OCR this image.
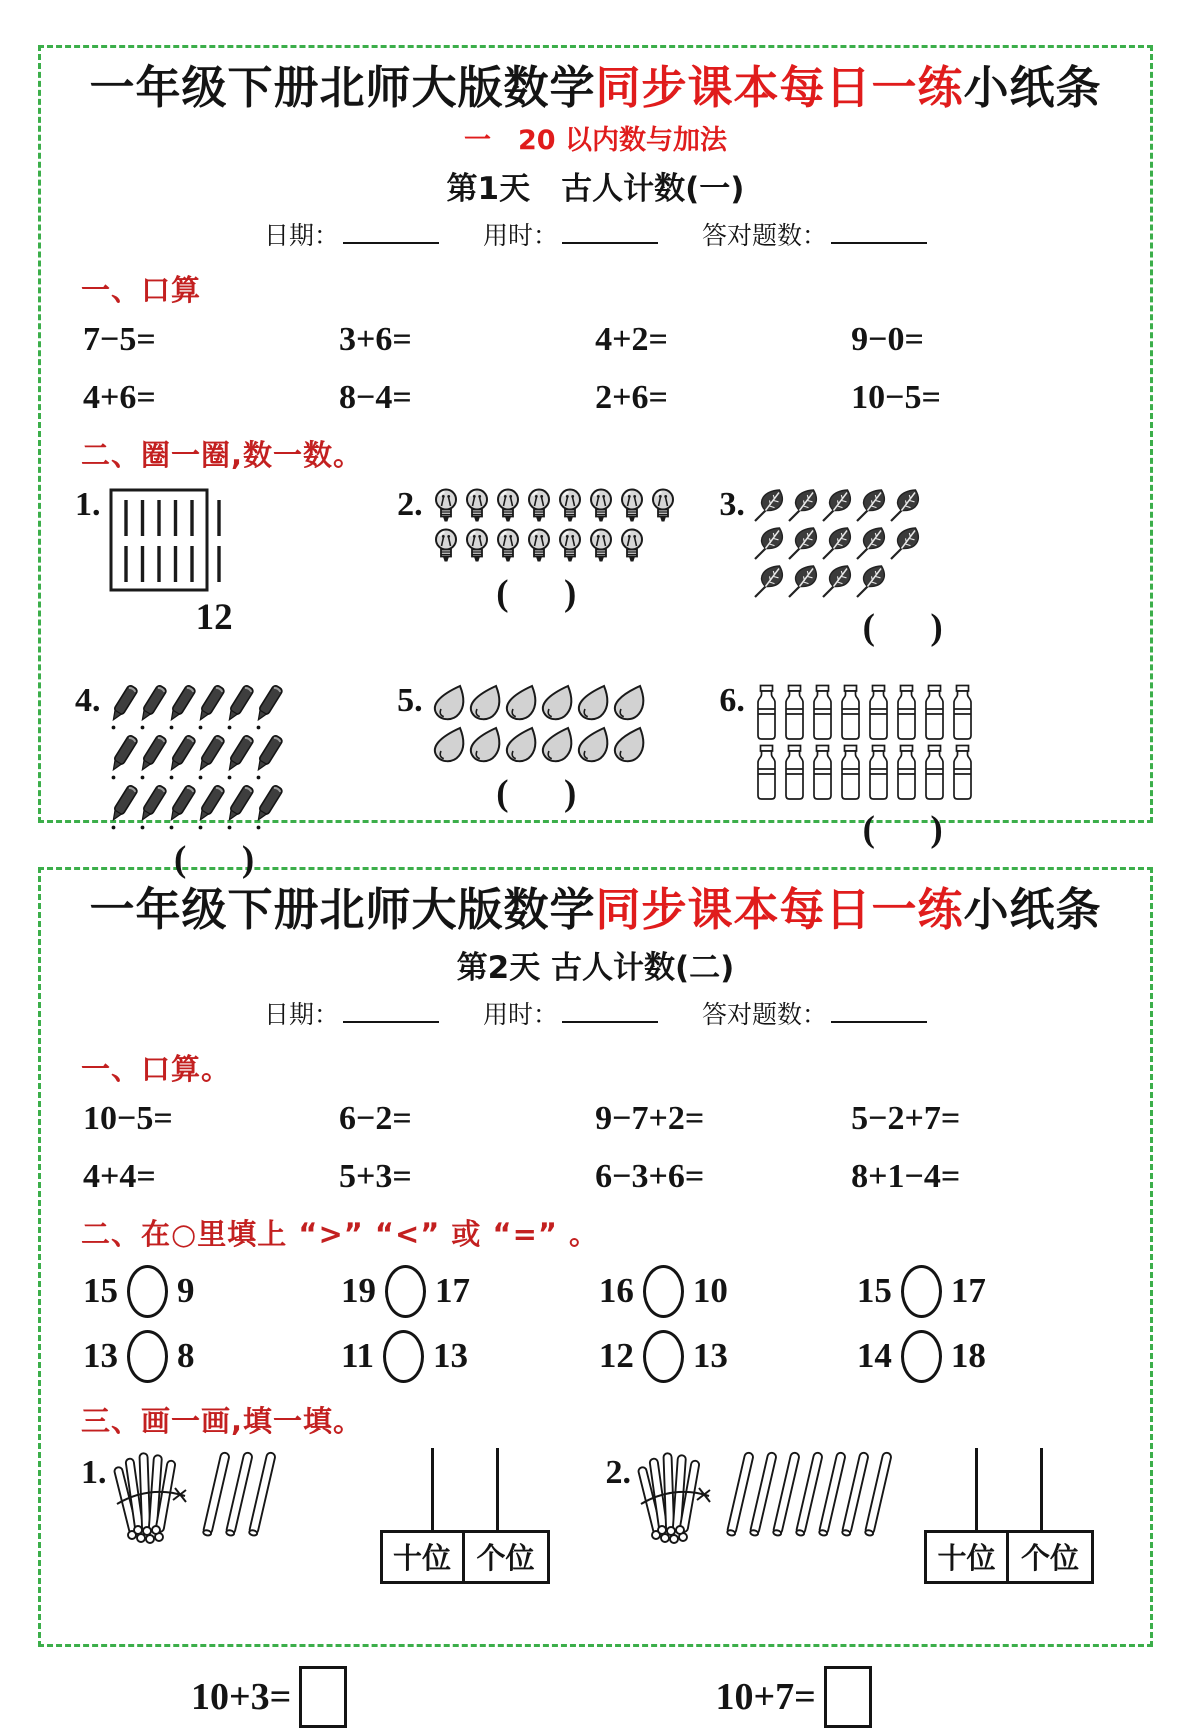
一年级下册北师大版数学同步课本每日一练小纸条
一　20 以内数与加法
第1天　古人计数(一)
日期：	用时：	答对题数：
一、口算
7−5=	3+6=	4+2=	9−0=
4+6=	8−4=	2+6=	10−5=
二、圈一圈,数一数。
1.
12
2.
(      )
3.
(      )
4.
(      )
5.
(      )
6.
(      )
一年级下册北师大版数学同步课本每日一练小纸条
第2天 古人计数(二)
日期：	用时：	答对题数：
一、口算。
10−5=	6−2=	9−7+2=	5−2+7=
4+4=	5+3=	6−3+6=	8+1−4=
二、在○里填上 “>” “<” 或 “=” 。
15 9	19 17	16 10	15 17
13 8	11 13	12 13	14 18
三、画一画,填一填。
1.
十位 个位
2.
十位 个位
10+3=	10+7=
